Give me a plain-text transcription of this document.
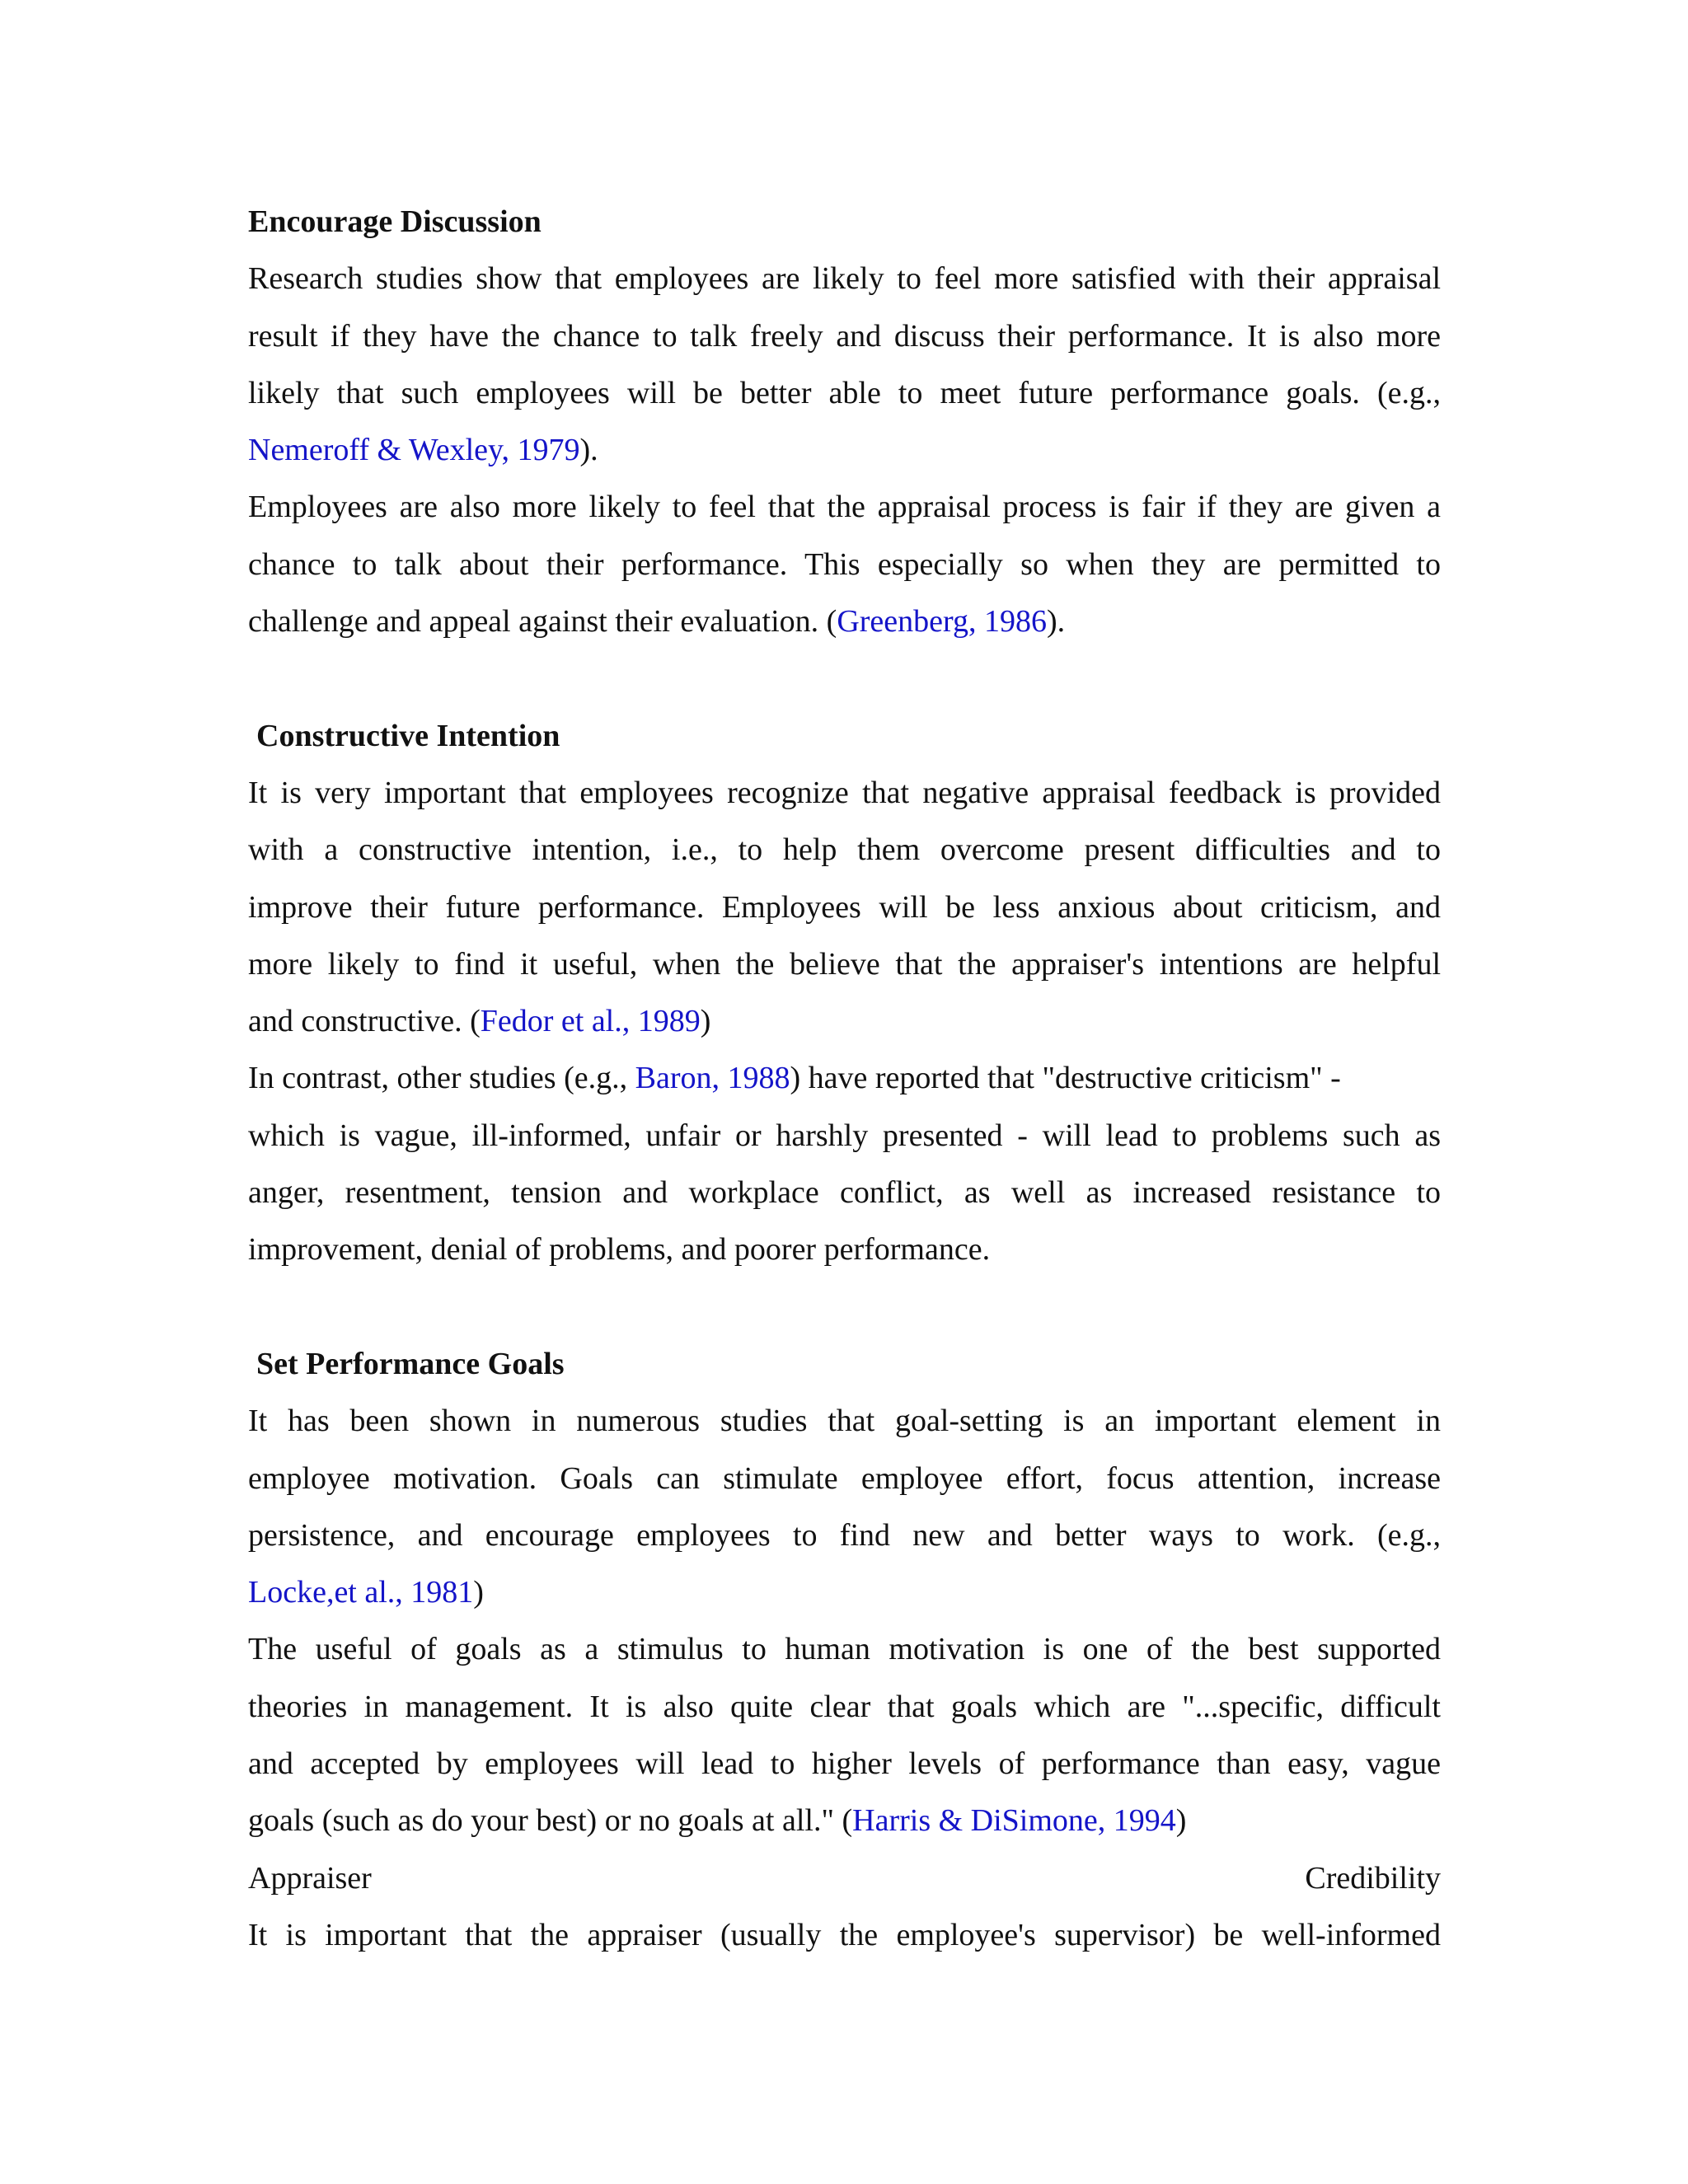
Encourage Discussion
Research studies show that employees are likely to feel more satisfied with their appraisal
result if they have the chance to talk freely and discuss their performance. It is also more
likely that such employees will be better able to meet future performance goals. (e.g.,
Nemeroff & Wexley, 1979).
Employees are also more likely to feel that the appraisal process is fair if they are given a
chance to talk about their performance. This especially so when they are permitted to
challenge and appeal against their evaluation. (Greenberg, 1986).
Constructive Intention
It is very important that employees recognize that negative appraisal feedback is provided
with a constructive intention, i.e., to help them overcome present difficulties and to
improve their future performance. Employees will be less anxious about criticism, and
more likely to find it useful, when the believe that the appraiser's intentions are helpful
and constructive. (Fedor et al., 1989)
In contrast, other studies (e.g., Baron, 1988) have reported that "destructive criticism" -
which is vague, ill-informed, unfair or harshly presented - will lead to problems such as
anger, resentment, tension and workplace conflict, as well as increased resistance to
improvement, denial of problems, and poorer performance.
Set Performance Goals
It has been shown in numerous studies that goal-setting is an important element in
employee motivation. Goals can stimulate employee effort, focus attention, increase
persistence, and encourage employees to find new and better ways to work. (e.g.,
Locke,et al., 1981)
The useful of goals as a stimulus to human motivation is one of the best supported
theories in management. It is also quite clear that goals which are "...specific, difficult
and accepted by employees will lead to higher levels of performance than easy, vague
goals (such as do your best) or no goals at all." (Harris & DiSimone, 1994)
Appraiser	Credibility
It is important that the appraiser (usually the employee's supervisor) be well-informed
